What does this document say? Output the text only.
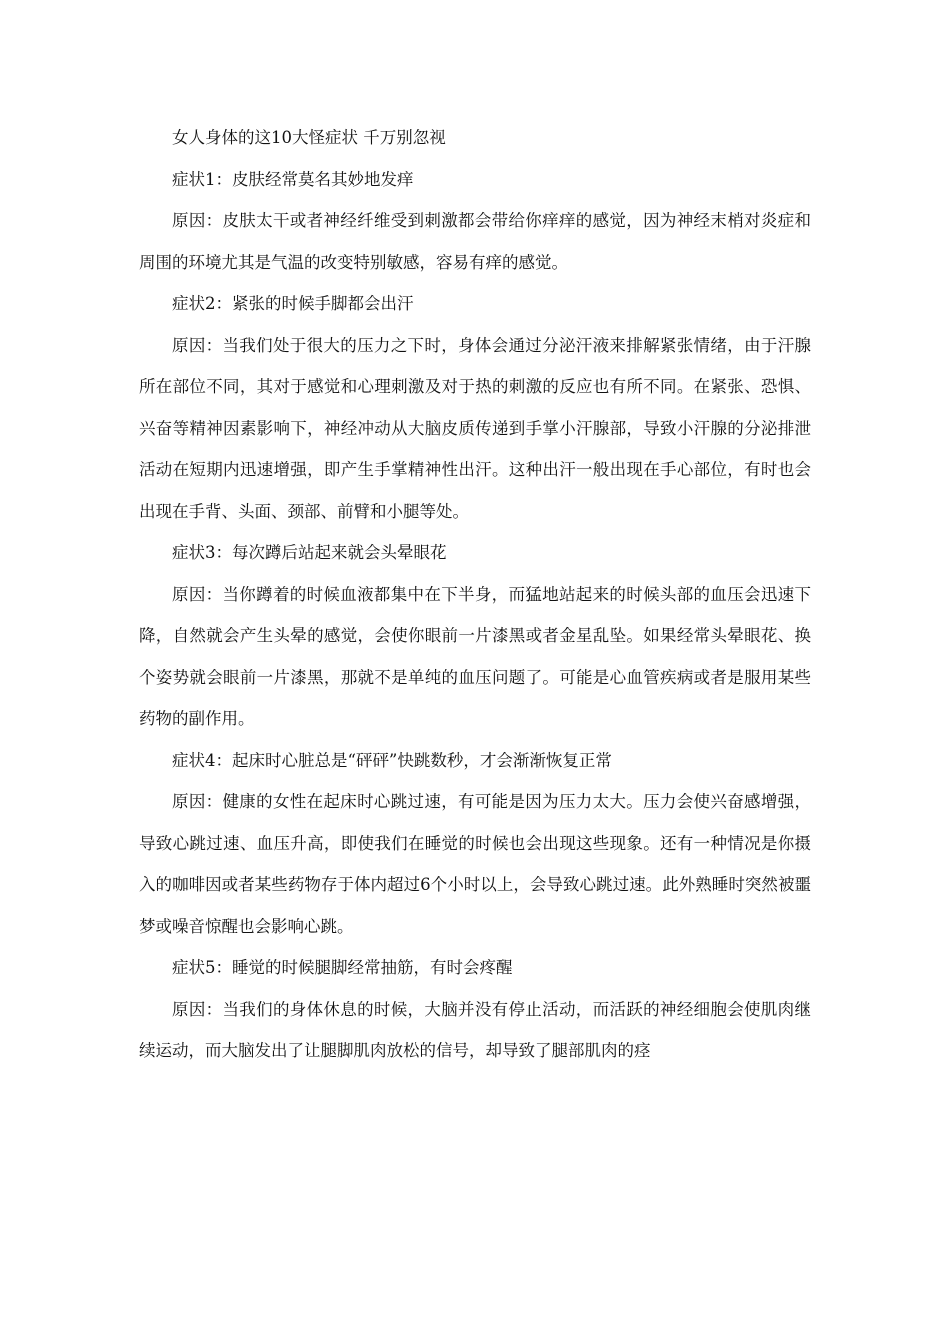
女人身体的这10大怪症状 千万别忽视

症状1：皮肤经常莫名其妙地发痒

原因：皮肤太干或者神经纤维受到刺激都会带给你痒痒的感觉，因为神经末梢对炎症和周围的环境尤其是气温的改变特别敏感，容易有痒的感觉。

症状2：紧张的时候手脚都会出汗

原因：当我们处于很大的压力之下时，身体会通过分泌汗液来排解紧张情绪，由于汗腺所在部位不同，其对于感觉和心理刺激及对于热的刺激的反应也有所不同。在紧张、恐惧、兴奋等精神因素影响下，神经冲动从大脑皮质传递到手掌小汗腺部，导致小汗腺的分泌排泄活动在短期内迅速增强，即产生手掌精神性出汗。这种出汗一般出现在手心部位，有时也会出现在手背、头面、颈部、前臂和小腿等处。

症状3：每次蹲后站起来就会头晕眼花

原因：当你蹲着的时候血液都集中在下半身，而猛地站起来的时候头部的血压会迅速下降，自然就会产生头晕的感觉，会使你眼前一片漆黑或者金星乱坠。如果经常头晕眼花、换个姿势就会眼前一片漆黑，那就不是单纯的血压问题了。可能是心血管疾病或者是服用某些药物的副作用。

症状4：起床时心脏总是“砰砰”快跳数秒，才会渐渐恢复正常

原因：健康的女性在起床时心跳过速，有可能是因为压力太大。压力会使兴奋感增强，导致心跳过速、血压升高，即使我们在睡觉的时候也会出现这些现象。还有一种情况是你摄入的咖啡因或者某些药物存于体内超过6个小时以上，会导致心跳过速。此外熟睡时突然被噩梦或噪音惊醒也会影响心跳。

症状5：睡觉的时候腿脚经常抽筋，有时会疼醒

原因：当我们的身体休息的时候，大脑并没有停止活动，而活跃的神经细胞会使肌肉继续运动，而大脑发出了让腿脚肌肉放松的信号，却导致了腿部肌肉的痉
